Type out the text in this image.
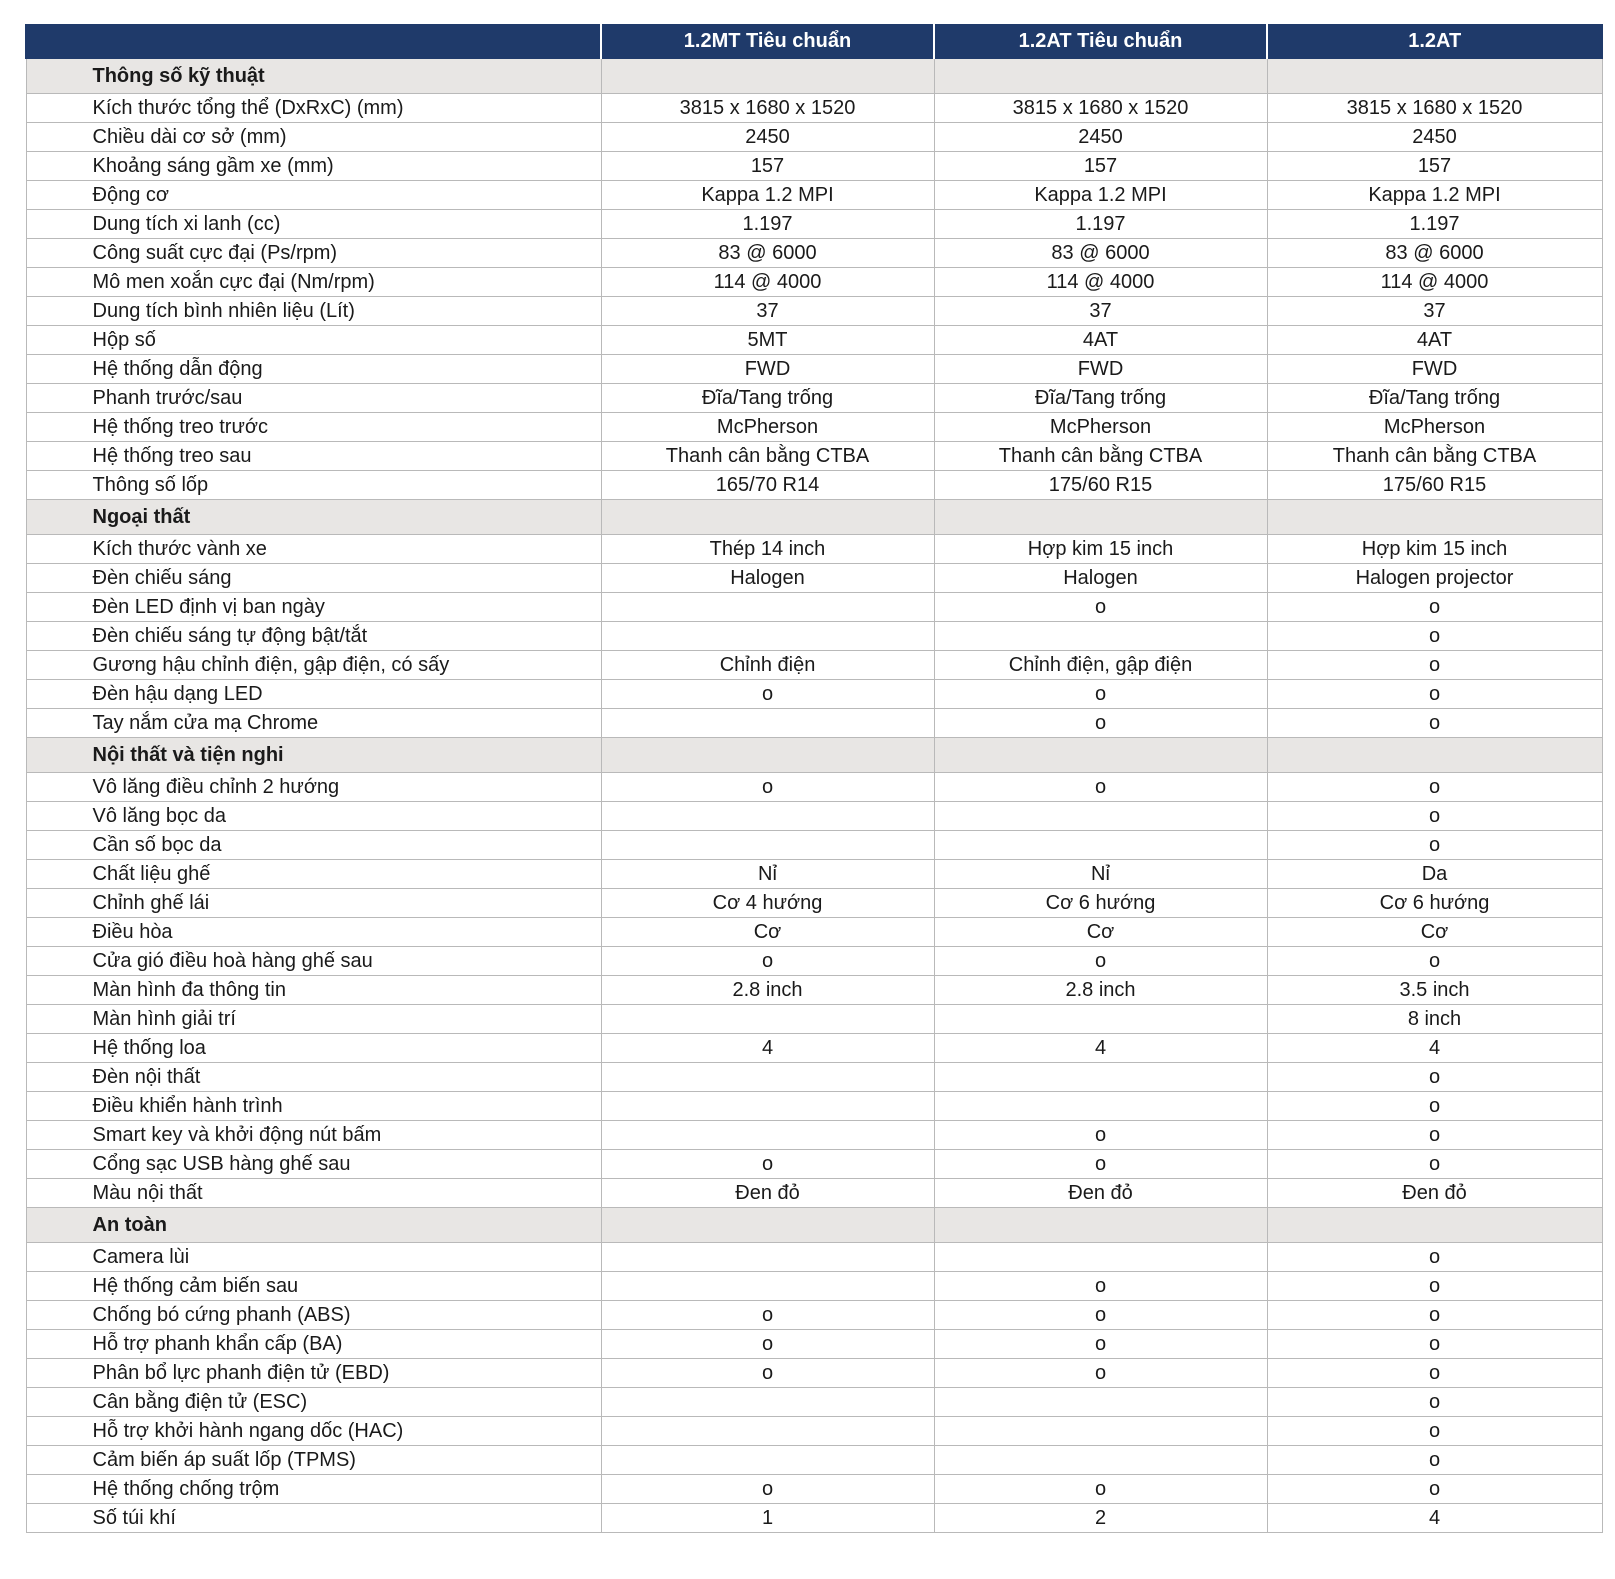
	1.2MT Tiêu chuẩn	1.2AT Tiêu chuẩn	1.2AT
Thông số kỹ thuật			
Kích thước tổng thể (DxRxC) (mm)	3815 x 1680 x 1520	3815 x 1680 x 1520	3815 x 1680 x 1520
Chiều dài cơ sở (mm)	2450	2450	2450
Khoảng sáng gầm xe (mm)	157	157	157
Động cơ	Kappa 1.2 MPI	Kappa 1.2 MPI	Kappa 1.2 MPI
Dung tích xi lanh (cc)	1.197	1.197	1.197
Công suất cực đại (Ps/rpm)	83 @ 6000	83 @ 6000	83 @ 6000
Mô men xoắn cực đại (Nm/rpm)	114 @ 4000	114 @ 4000	114 @ 4000
Dung tích bình nhiên liệu (Lít)	37	37	37
Hộp số	5MT	4AT	4AT
Hệ thống dẫn động	FWD	FWD	FWD
Phanh trước/sau	Đĩa/Tang trống	Đĩa/Tang trống	Đĩa/Tang trống
Hệ thống treo trước	McPherson	McPherson	McPherson
Hệ thống treo sau	Thanh cân bằng CTBA	Thanh cân bằng CTBA	Thanh cân bằng CTBA
Thông số lốp	165/70 R14	175/60 R15	175/60 R15
Ngoại thất			
Kích thước vành xe	Thép 14 inch	Hợp kim 15 inch	Hợp kim 15 inch
Đèn chiếu sáng	Halogen	Halogen	Halogen projector
Đèn LED định vị ban ngày		o	o
Đèn chiếu sáng tự động bật/tắt			o
Gương hậu chỉnh điện, gập điện, có sấy	Chỉnh điện	Chỉnh điện, gập điện	o
Đèn hậu dạng LED	o	o	o
Tay nắm cửa mạ Chrome		o	o
Nội thất và tiện nghi			
Vô lăng điều chỉnh 2 hướng	o	o	o
Vô lăng bọc da			o
Cần số bọc da			o
Chất liệu ghế	Nỉ	Nỉ	Da
Chỉnh ghế lái	Cơ 4 hướng	Cơ 6 hướng	Cơ 6 hướng
Điều hòa	Cơ	Cơ	Cơ
Cửa gió điều hoà hàng ghế sau	o	o	o
Màn hình đa thông tin	2.8 inch	2.8 inch	3.5 inch
Màn hình giải trí			8 inch
Hệ thống loa	4	4	4
Đèn nội thất			o
Điều khiển hành trình			o
Smart key và khởi động nút bấm		o	o
Cổng sạc USB hàng ghế sau	o	o	o
Màu nội thất	Đen đỏ	Đen đỏ	Đen đỏ
An toàn			
Camera lùi			o
Hệ thống cảm biến sau		o	o
Chống bó cứng phanh (ABS)	o	o	o
Hỗ trợ phanh khẩn cấp (BA)	o	o	o
Phân bổ lực phanh điện tử (EBD)	o	o	o
Cân bằng điện tử (ESC)			o
Hỗ trợ khởi hành ngang dốc (HAC)			o
Cảm biến áp suất lốp (TPMS)			o
Hệ thống chống trộm	o	o	o
Số túi khí	1	2	4
